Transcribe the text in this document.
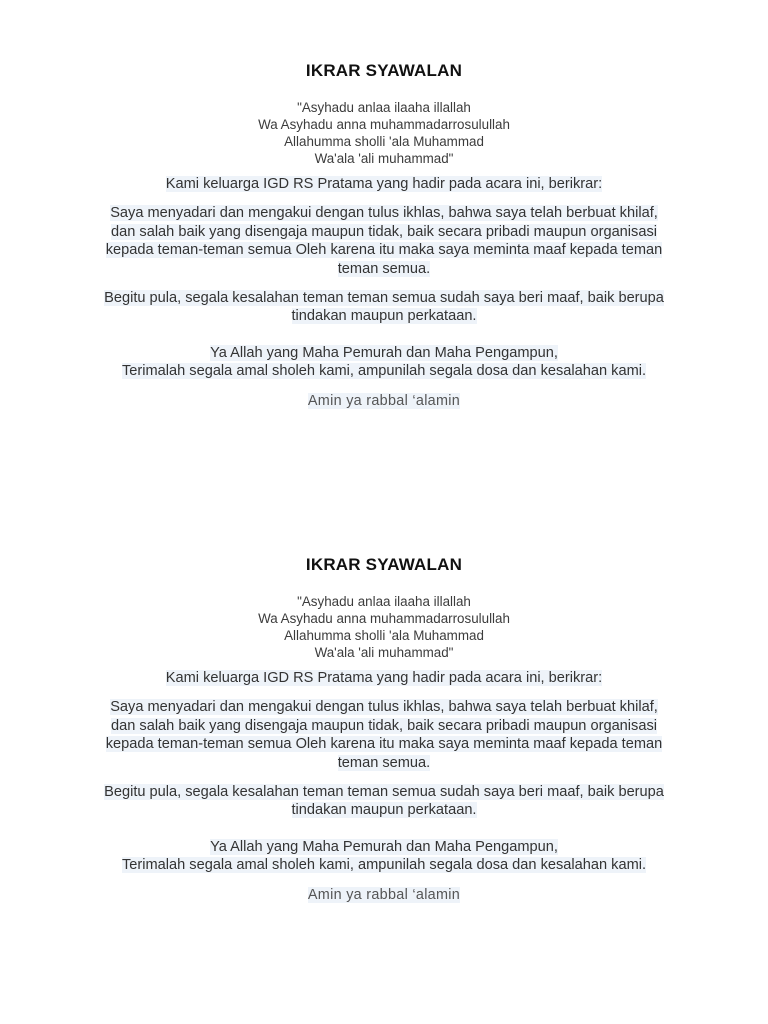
IKRAR SYAWALAN
"Asyhadu anlaa ilaaha illallah
Wa Asyhadu anna muhammadarrosulullah
Allahumma sholli 'ala Muhammad
Wa'ala 'ali muhammad"
Kami keluarga IGD RS Pratama yang hadir pada acara ini, berikrar:
Saya menyadari dan mengakui dengan tulus ikhlas, bahwa saya telah berbuat khilaf,
dan salah baik yang disengaja maupun tidak, baik secara pribadi maupun organisasi
kepada teman-teman semua Oleh karena itu maka saya meminta maaf kepada teman
teman semua.
Begitu pula, segala kesalahan teman teman semua sudah saya beri maaf, baik berupa
tindakan maupun perkataan.
Ya Allah yang Maha Pemurah dan Maha Pengampun,
Terimalah segala amal sholeh kami, ampunilah segala dosa dan kesalahan kami.
Amin ya rabbal ‘alamin
IKRAR SYAWALAN
"Asyhadu anlaa ilaaha illallah
Wa Asyhadu anna muhammadarrosulullah
Allahumma sholli 'ala Muhammad
Wa'ala 'ali muhammad"
Kami keluarga IGD RS Pratama yang hadir pada acara ini, berikrar:
Saya menyadari dan mengakui dengan tulus ikhlas, bahwa saya telah berbuat khilaf,
dan salah baik yang disengaja maupun tidak, baik secara pribadi maupun organisasi
kepada teman-teman semua Oleh karena itu maka saya meminta maaf kepada teman
teman semua.
Begitu pula, segala kesalahan teman teman semua sudah saya beri maaf, baik berupa
tindakan maupun perkataan.
Ya Allah yang Maha Pemurah dan Maha Pengampun,
Terimalah segala amal sholeh kami, ampunilah segala dosa dan kesalahan kami.
Amin ya rabbal ‘alamin
